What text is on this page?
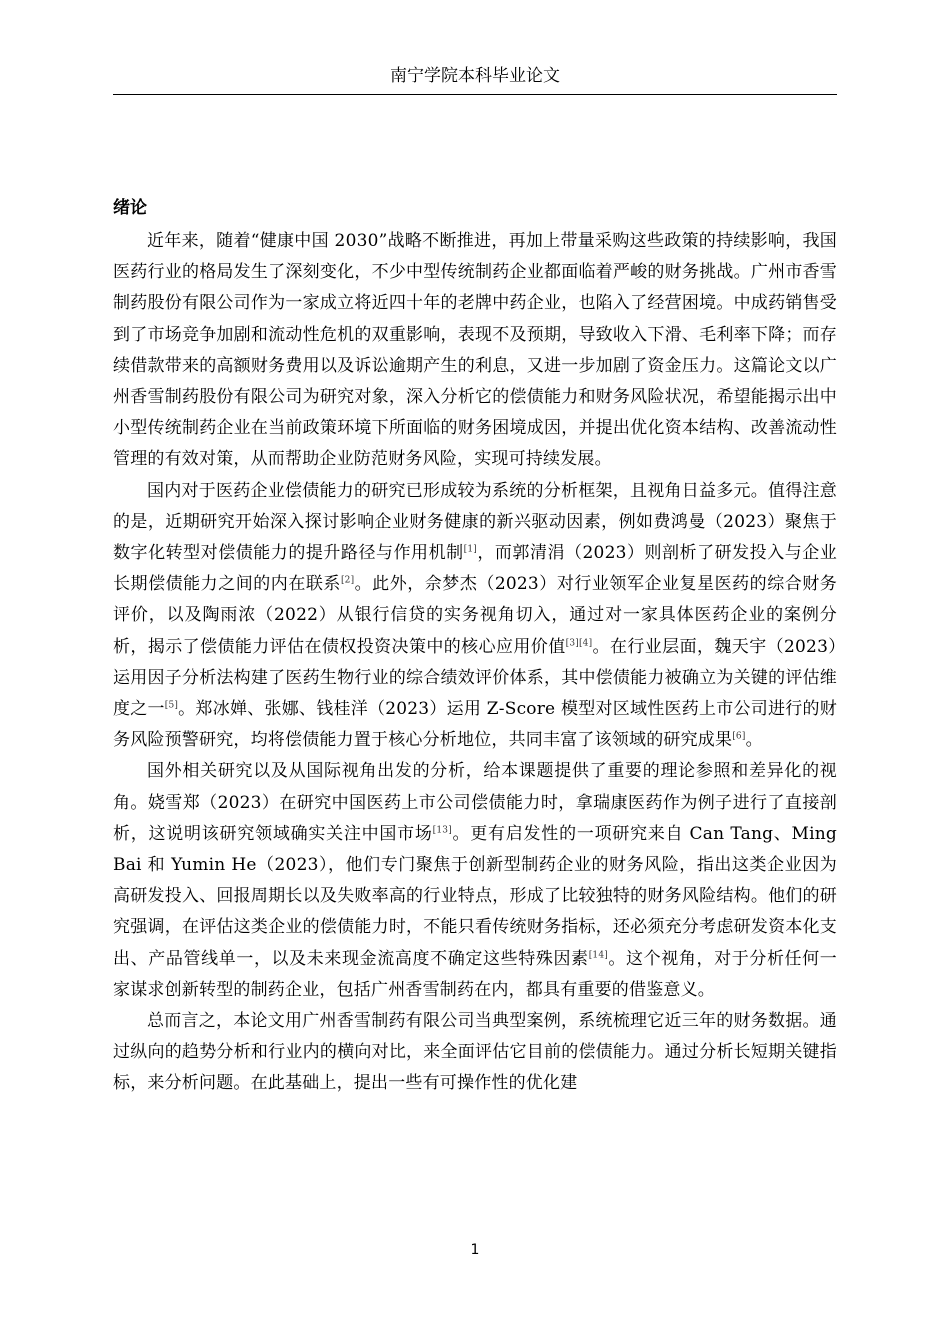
南宁学院本科毕业论文
绪论

近年来，随着“健康中国 2030”战略不断推进，再加上带量采购这些政策的持续影响，我国医药行业的格局发生了深刻变化，不少中型传统制药企业都面临着严峻的财务挑战。广州市香雪制药股份有限公司作为一家成立将近四十年的老牌中药企业，也陷入了经营困境。中成药销售受到了市场竞争加剧和流动性危机的双重影响，表现不及预期，导致收入下滑、毛利率下降；而存续借款带来的高额财务费用以及诉讼逾期产生的利息，又进一步加剧了资金压力。这篇论文以广州香雪制药股份有限公司为研究对象，深入分析它的偿债能力和财务风险状况，希望能揭示出中小型传统制药企业在当前政策环境下所面临的财务困境成因，并提出优化资本结构、改善流动性管理的有效对策，从而帮助企业防范财务风险，实现可持续发展。

国内对于医药企业偿债能力的研究已形成较为系统的分析框架，且视角日益多元。值得注意的是，近期研究开始深入探讨影响企业财务健康的新兴驱动因素，例如费鸿曼（2023）聚焦于数字化转型对偿债能力的提升路径与作用机制[1]，而郭清涓（2023）则剖析了研发投入与企业长期偿债能力之间的内在联系[2]。此外，佘梦杰（2023）对行业领军企业复星医药的综合财务评价，以及陶雨浓（2022）从银行信贷的实务视角切入，通过对一家具体医药企业的案例分析，揭示了偿债能力评估在债权投资决策中的核心应用价值[3][4]。在行业层面，魏天宇（2023）运用因子分析法构建了医药生物行业的综合绩效评价体系，其中偿债能力被确立为关键的评估维度之一[5]。郑冰婵、张娜、钱桂洋（2023）运用 Z-Score 模型对区域性医药上市公司进行的财务风险预警研究，均将偿债能力置于核心分析地位，共同丰富了该领域的研究成果[6]。

国外相关研究以及从国际视角出发的分析，给本课题提供了重要的理论参照和差异化的视角。娆雪郑（2023）在研究中国医药上市公司偿债能力时，拿瑞康医药作为例子进行了直接剖析，这说明该研究领域确实关注中国市场[13]。更有启发性的一项研究来自 Can Tang、Ming Bai 和 Yumin He（2023），他们专门聚焦于创新型制药企业的财务风险，指出这类企业因为高研发投入、回报周期长以及失败率高的行业特点，形成了比较独特的财务风险结构。他们的研究强调，在评估这类企业的偿债能力时，不能只看传统财务指标，还必须充分考虑研发资本化支出、产品管线单一，以及未来现金流高度不确定这些特殊因素[14]。这个视角，对于分析任何一家谋求创新转型的制药企业，包括广州香雪制药在内，都具有重要的借鉴意义。

总而言之，本论文用广州香雪制药有限公司当典型案例，系统梳理它近三年的财务数据。通过纵向的趋势分析和行业内的横向对比，来全面评估它目前的偿债能力。通过分析长短期关键指标，来分析问题。在此基础上，提出一些有可操作性的优化建

1
